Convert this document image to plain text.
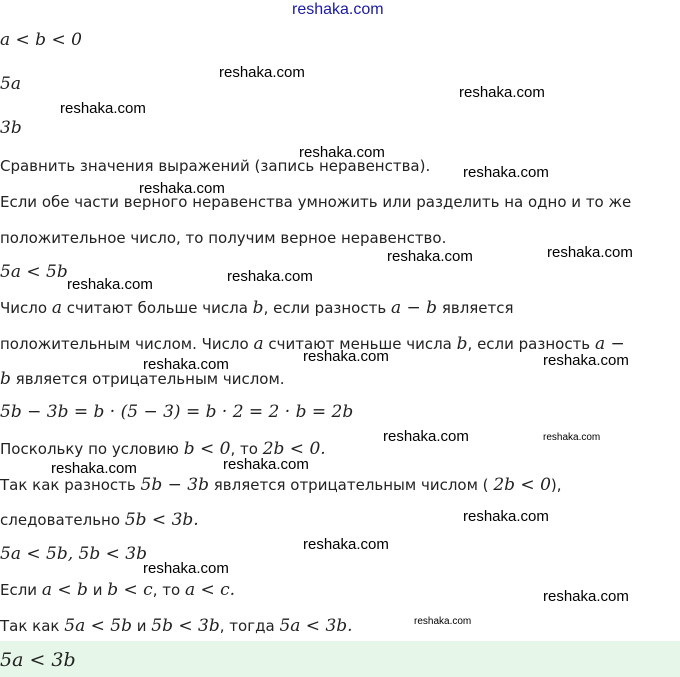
reshaka.com
a < b < 0
5a
3b
Сравнить значения выражений (запись неравенства).
Если обе части верного неравенства умножить или разделить на одно и то же
положительное число, то получим верное неравенство.
5a < 5b
Число a считают больше числа b, если разность a − b является
положительным числом. Число a считают меньше числа b, если разность a −
b является отрицательным числом.
5b − 3b = b · (5 − 3) = b · 2 = 2 · b = 2b
Поскольку по условию b < 0, то 2b < 0.
Так как разность 5b − 3b является отрицательным числом ( 2b < 0),
следовательно 5b < 3b.
5a < 5b, 5b < 3b
Если a < b и b < c, то a < c.
Так как 5a < 5b и 5b < 3b, тогда 5a < 3b.
5a < 3b
reshaka.com
reshaka.com
reshaka.com
reshaka.com
reshaka.com
reshaka.com
reshaka.com
reshaka.com
reshaka.com
reshaka.com
reshaka.com	reshaka.com
reshaka.com
reshaka.com	reshaka.com
reshaka.com
reshaka.com
reshaka.com
reshaka.com
reshaka.com
reshaka.com
reshaka.com
